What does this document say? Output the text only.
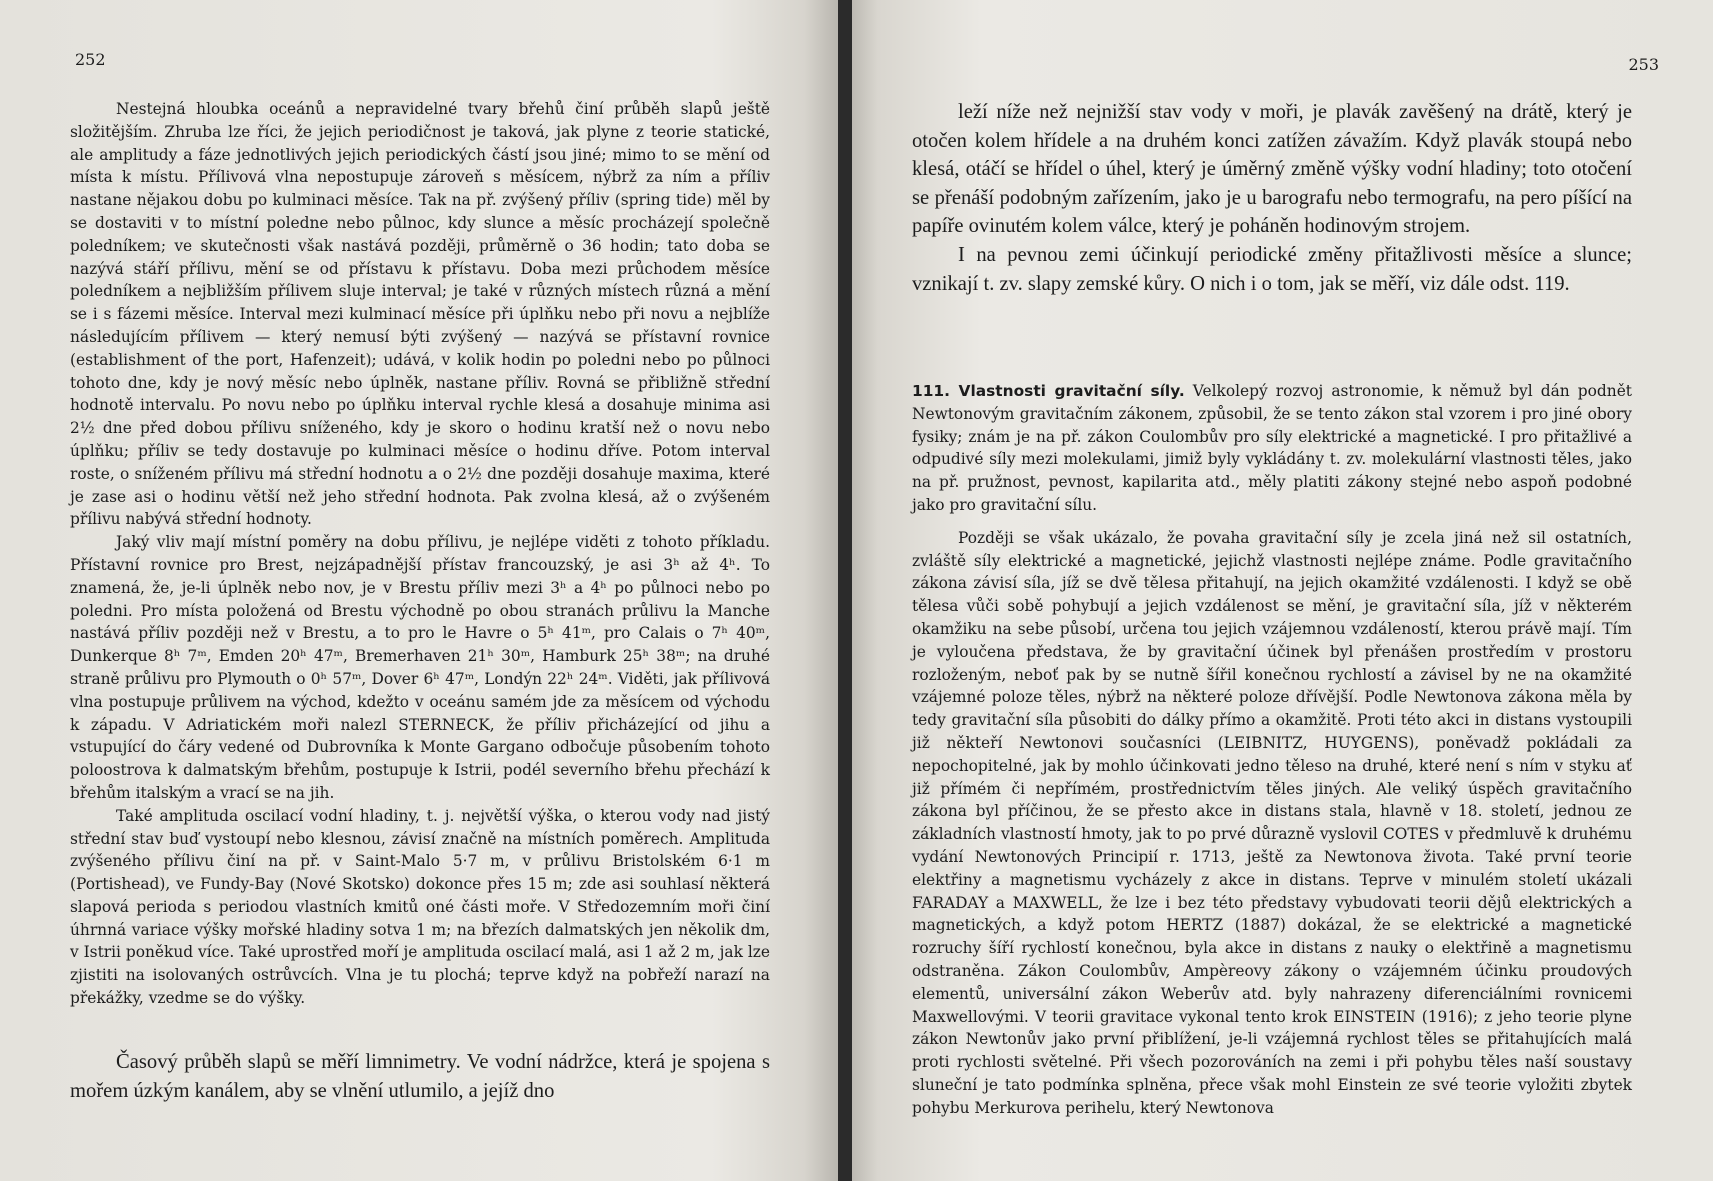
252

Nestejná hloubka oceánů a nepravidelné tvary břehů činí průběh slapů ještě složitějším. Zhruba lze říci, že jejich periodičnost je taková, jak plyne z teorie statické, ale amplitudy a fáze jednotlivých jejich periodických částí jsou jiné; mimo to se mění od místa k místu. Přílivová vlna nepostupuje zároveň s měsícem, nýbrž za ním a příliv nastane nějakou dobu po kulminaci měsíce. Tak na př. zvýšený příliv (spring tide) měl by se dostaviti v to místní poledne nebo půlnoc, kdy slunce a měsíc procházejí společně poledníkem; ve skutečnosti však nastává později, průměrně o 36 hodin; tato doba se nazývá stáří přílivu, mění se od přístavu k přístavu. Doba mezi průchodem měsíce poledníkem a nejbližším přílivem sluje interval; je také v různých místech různá a mění se i s fázemi měsíce. Interval mezi kulminací měsíce při úplňku nebo při novu a nejblíže následujícím přílivem — který nemusí býti zvýšený — nazývá se přístavní rovnice (establishment of the port, Hafenzeit); udává, v kolik hodin po poledni nebo po půlnoci tohoto dne, kdy je nový měsíc nebo úplněk, nastane příliv. Rovná se přibližně střední hodnotě intervalu. Po novu nebo po úplňku interval rychle klesá a dosahuje minima asi 2½ dne před dobou přílivu sníženého, kdy je skoro o hodinu kratší než o novu nebo úplňku; příliv se tedy dostavuje po kulminaci měsíce o hodinu dříve. Potom interval roste, o sníženém přílivu má střední hodnotu a o 2½ dne později dosahuje maxima, které je zase asi o hodinu větší než jeho střední hodnota. Pak zvolna klesá, až o zvýšeném přílivu nabývá střední hodnoty.

Jaký vliv mají místní poměry na dobu přílivu, je nejlépe viděti z tohoto příkladu. Přístavní rovnice pro Brest, nejzápadnější přístav francouzský, je asi 3ʰ až 4ʰ. To znamená, že, je-li úplněk nebo nov, je v Brestu příliv mezi 3ʰ a 4ʰ po půlnoci nebo po poledni. Pro místa položená od Brestu východně po obou stranách průlivu la Manche nastává příliv později než v Brestu, a to pro le Havre o 5ʰ 41ᵐ, pro Calais o 7ʰ 40ᵐ, Dunkerque 8ʰ 7ᵐ, Emden 20ʰ 47ᵐ, Bremerhaven 21ʰ 30ᵐ, Hamburk 25ʰ 38ᵐ; na druhé straně průlivu pro Plymouth o 0ʰ 57ᵐ, Dover 6ʰ 47ᵐ, Londýn 22ʰ 24ᵐ. Viděti, jak přílivová vlna postupuje průlivem na východ, kdežto v oceánu samém jde za měsícem od východu k západu. V Adriatickém moři nalezl STERNECK, že příliv přicházející od jihu a vstupující do čáry vedené od Dubrovníka k Monte Gargano odbočuje působením tohoto poloostrova k dalmatským břehům, postupuje k Istrii, podél severního břehu přechází k břehům italským a vrací se na jih.

Také amplituda oscilací vodní hladiny, t. j. největší výška, o kterou vody nad jistý střední stav buď vystoupí nebo klesnou, závisí značně na místních poměrech. Amplituda zvýšeného přílivu činí na př. v Saint-Malo 5·7 m, v průlivu Bristolském 6·1 m (Portishead), ve Fundy-Bay (Nové Skotsko) dokonce přes 15 m; zde asi souhlasí některá slapová perioda s periodou vlastních kmitů oné části moře. V Středozemním moři činí úhrnná variace výšky mořské hladiny sotva 1 m; na březích dalmatských jen několik dm, v Istrii poněkud více. Také uprostřed moří je amplituda oscilací malá, asi 1 až 2 m, jak lze zjistiti na isolovaných ostrůvcích. Vlna je tu plochá; teprve když na pobřeží narazí na překážky, vzedme se do výšky.

Časový průběh slapů se měří limnimetry. Ve vodní nádržce, která je spojena s mořem úzkým kanálem, aby se vlnění utlumilo, a jejíž dno

253

leží níže než nejnižší stav vody v moři, je plavák zavěšený na drátě, který je otočen kolem hřídele a na druhém konci zatížen závažím. Když plavák stoupá nebo klesá, otáčí se hřídel o úhel, který je úměrný změně výšky vodní hladiny; toto otočení se přenáší podobným zařízením, jako je u barografu nebo termografu, na pero píšící na papíře ovinutém kolem válce, který je poháněn hodinovým strojem.

I na pevnou zemi účinkují periodické změny přitažlivosti měsíce a slunce; vznikají t. zv. slapy zemské kůry. O nich i o tom, jak se měří, viz dále odst. 119.

111. Vlastnosti gravitační síly. Velkolepý rozvoj astronomie, k němuž byl dán podnět Newtonovým gravitačním zákonem, způsobil, že se tento zákon stal vzorem i pro jiné obory fysiky; znám je na př. zákon Coulombův pro síly elektrické a magnetické. I pro přitažlivé a odpudivé síly mezi molekulami, jimiž byly vykládány t. zv. molekulární vlastnosti těles, jako na př. pružnost, pevnost, kapilarita atd., měly platiti zákony stejné nebo aspoň podobné jako pro gravitační sílu.

Později se však ukázalo, že povaha gravitační síly je zcela jiná než sil ostatních, zvláště síly elektrické a magnetické, jejichž vlastnosti nejlépe známe. Podle gravitačního zákona závisí síla, jíž se dvě tělesa přitahují, na jejich okamžité vzdálenosti. I když se obě tělesa vůči sobě pohybují a jejich vzdálenost se mění, je gravitační síla, jíž v některém okamžiku na sebe působí, určena tou jejich vzájemnou vzdáleností, kterou právě mají. Tím je vyloučena představa, že by gravitační účinek byl přenášen prostředím v prostoru rozloženým, neboť pak by se nutně šířil konečnou rychlostí a závisel by ne na okamžité vzájemné poloze těles, nýbrž na některé poloze dřívější. Podle Newtonova zákona měla by tedy gravitační síla působiti do dálky přímo a okamžitě. Proti této akci in distans vystoupili již někteří Newtonovi současníci (LEIBNITZ, HUYGENS), poněvadž pokládali za nepochopitelné, jak by mohlo účinkovati jedno těleso na druhé, které není s ním v styku ať již přímém či nepřímém, prostřednictvím těles jiných. Ale veliký úspěch gravitačního zákona byl příčinou, že se přesto akce in distans stala, hlavně v 18. století, jednou ze základních vlastností hmoty, jak to po prvé důrazně vyslovil COTES v předmluvě k druhému vydání Newtonových Principií r. 1713, ještě za Newtonova života. Také první teorie elektřiny a magnetismu vycházely z akce in distans. Teprve v minulém století ukázali FARADAY a MAXWELL, že lze i bez této představy vybudovati teorii dějů elektrických a magnetických, a když potom HERTZ (1887) dokázal, že se elektrické a magnetické rozruchy šíří rychlostí konečnou, byla akce in distans z nauky o elektřině a magnetismu odstraněna. Zákon Coulombův, Ampèreovy zákony o vzájemném účinku proudových elementů, universální zákon Weberův atd. byly nahrazeny diferenciálními rovnicemi Maxwellovými. V teorii gravitace vykonal tento krok EINSTEIN (1916); z jeho teorie plyne zákon Newtonův jako první přiblížení, je-li vzájemná rychlost těles se přitahujících malá proti rychlosti světelné. Při všech pozorováních na zemi i při pohybu těles naší soustavy sluneční je tato podmínka splněna, přece však mohl Einstein ze své teorie vyložiti zbytek pohybu Merkurova perihelu, který Newtonova
